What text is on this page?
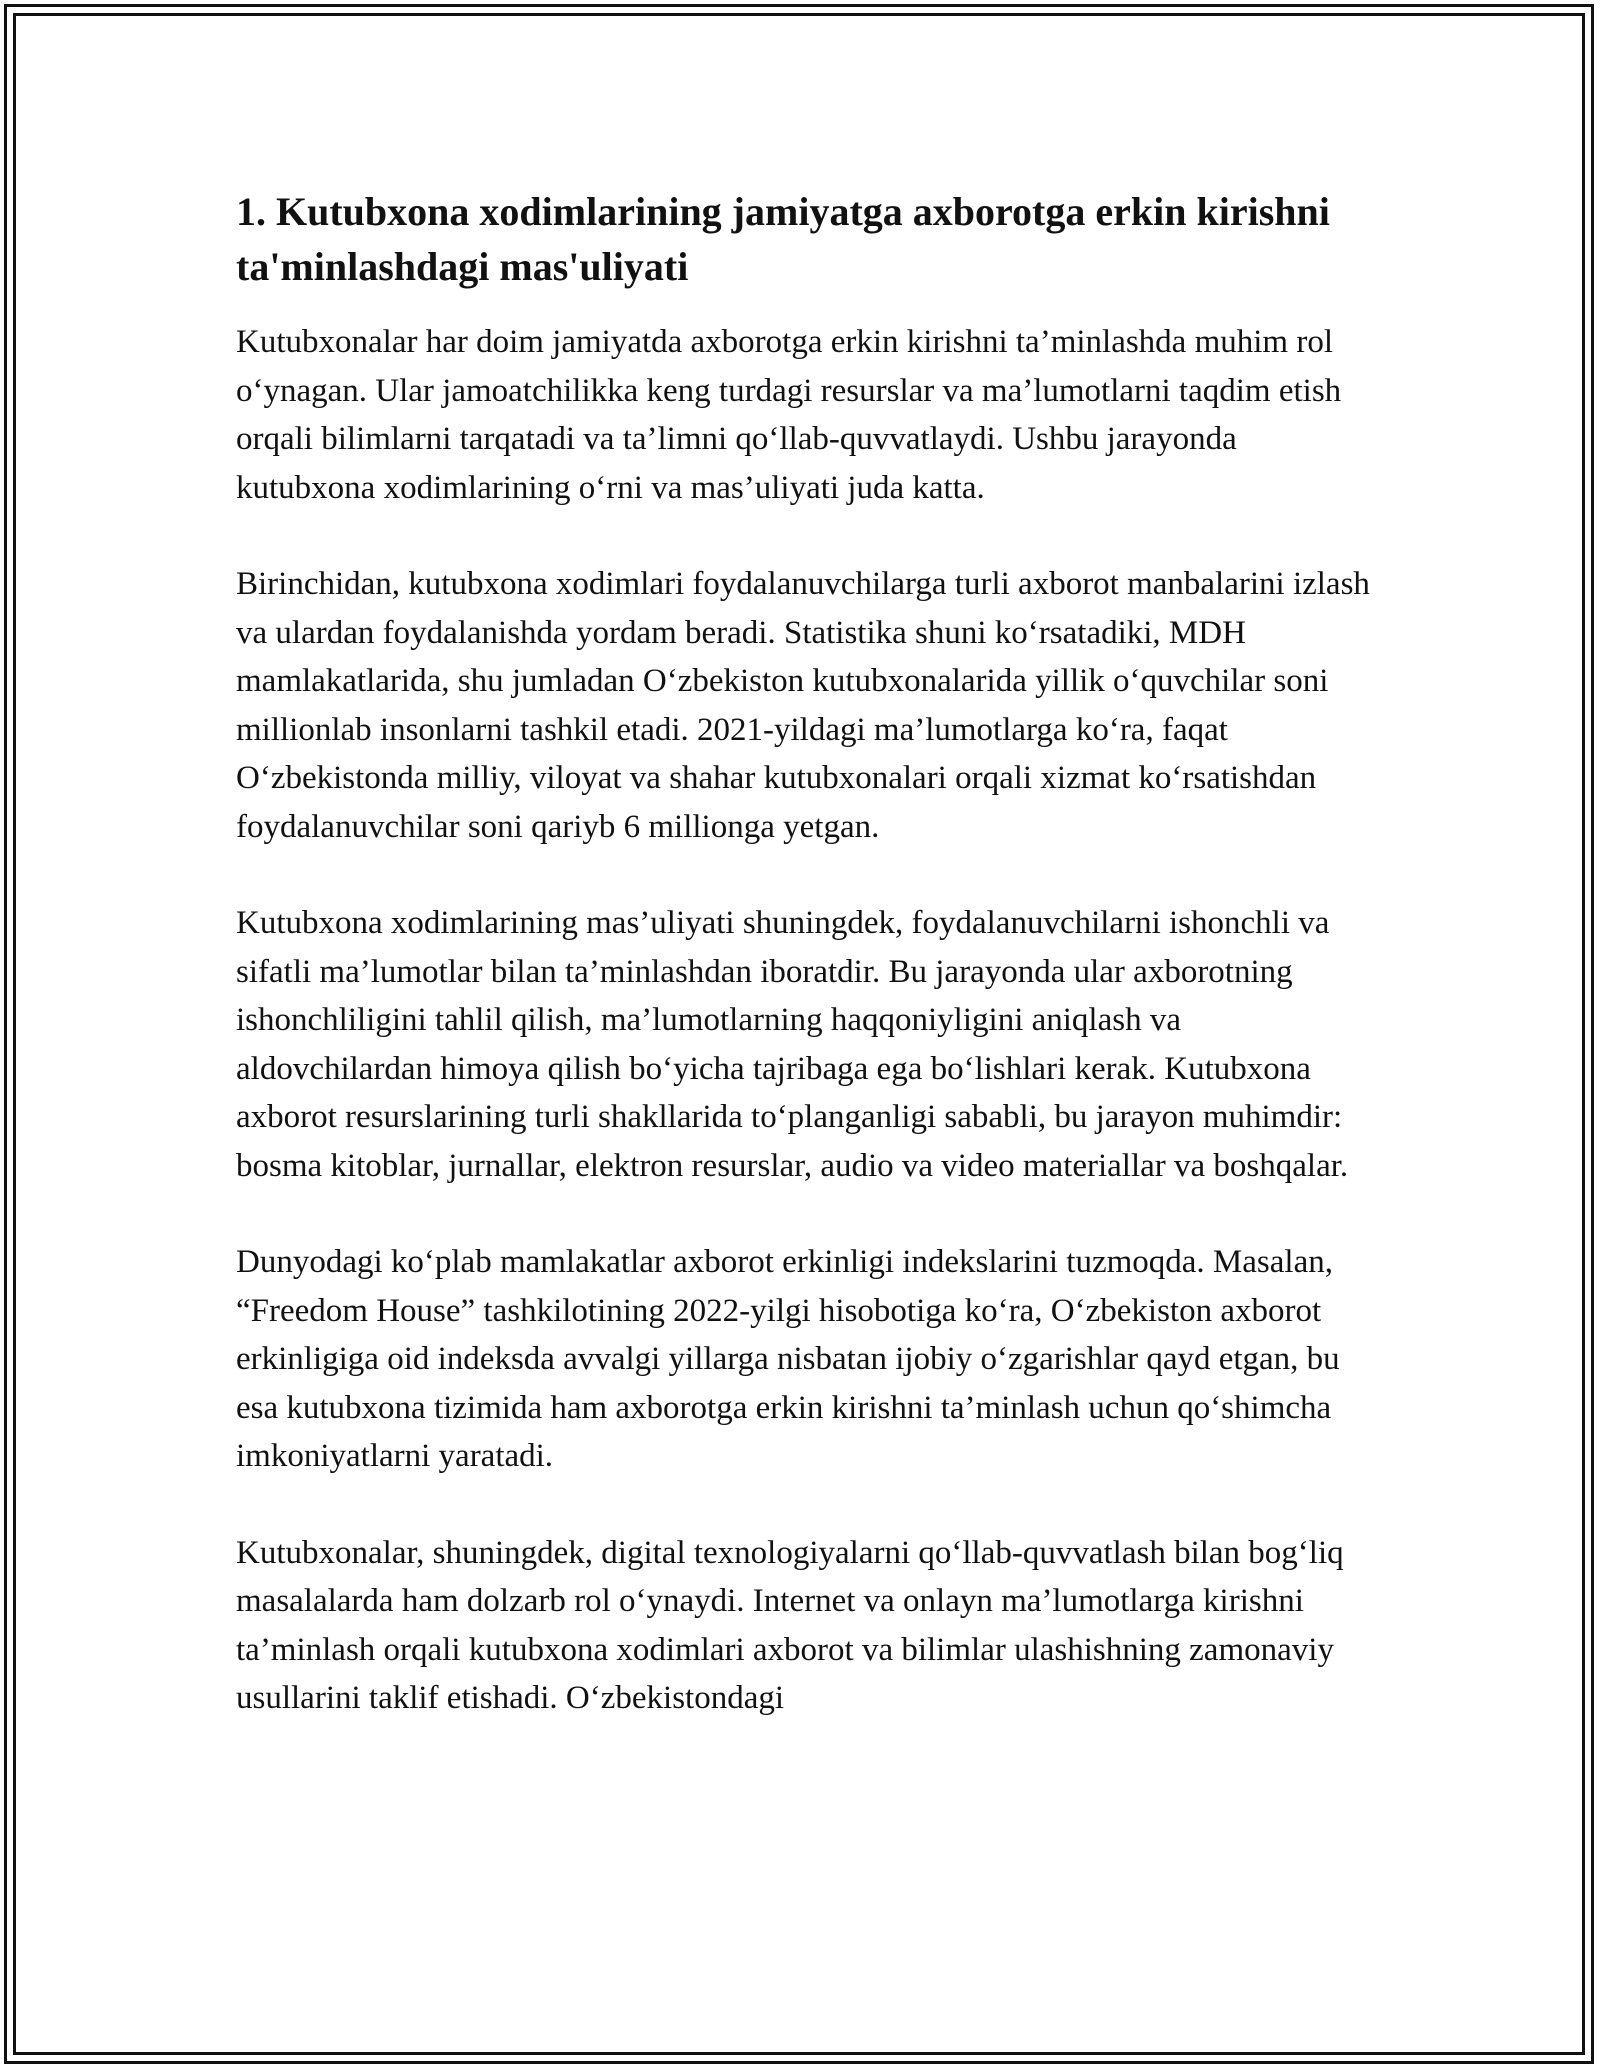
1. Kutubxona xodimlarining jamiyatga axborotga erkin kirishni ta'minlashdagi mas'uliyati

Kutubxonalar har doim jamiyatda axborotga erkin kirishni ta’minlashda muhim rol o‘ynagan. Ular jamoatchilikka keng turdagi resurslar va ma’lumotlarni taqdim etish orqali bilimlarni tarqatadi va ta’limni qo‘llab-quvvatlaydi. Ushbu jarayonda kutubxona xodimlarining o‘rni va mas’uliyati juda katta.

Birinchidan, kutubxona xodimlari foydalanuvchilarga turli axborot manbalarini izlash va ulardan foydalanishda yordam beradi. Statistika shuni ko‘rsatadiki, MDH mamlakatlarida, shu jumladan O‘zbekiston kutubxonalarida yillik o‘quvchilar soni millionlab insonlarni tashkil etadi. 2021-yildagi ma’lumotlarga ko‘ra, faqat O‘zbekistonda milliy, viloyat va shahar kutubxonalari orqali xizmat ko‘rsatishdan foydalanuvchilar soni qariyb 6 millionga yetgan.

Kutubxona xodimlarining mas’uliyati shuningdek, foydalanuvchilarni ishonchli va sifatli ma’lumotlar bilan ta’minlashdan iboratdir. Bu jarayonda ular axborotning ishonchliligini tahlil qilish, ma’lumotlarning haqqoniyligini aniqlash va aldovchilardan himoya qilish bo‘yicha tajribaga ega bo‘lishlari kerak. Kutubxona axborot resurslarining turli shakllarida to‘planganligi sababli, bu jarayon muhimdir: bosma kitoblar, jurnallar, elektron resurslar, audio va video materiallar va boshqalar.

Dunyodagi ko‘plab mamlakatlar axborot erkinligi indekslarini tuzmoqda. Masalan, “Freedom House” tashkilotining 2022-yilgi hisobotiga ko‘ra, O‘zbekiston axborot erkinligiga oid indeksda avvalgi yillarga nisbatan ijobiy o‘zgarishlar qayd etgan, bu esa kutubxona tizimida ham axborotga erkin kirishni ta’minlash uchun qo‘shimcha imkoniyatlarni yaratadi.

Kutubxonalar, shuningdek, digital texnologiyalarni qo‘llab-quvvatlash bilan bog‘liq masalalarda ham dolzarb rol o‘ynaydi. Internet va onlayn ma’lumotlarga kirishni ta’minlash orqali kutubxona xodimlari axborot va bilimlar ulashishning zamonaviy usullarini taklif etishadi. O‘zbekistondagi
